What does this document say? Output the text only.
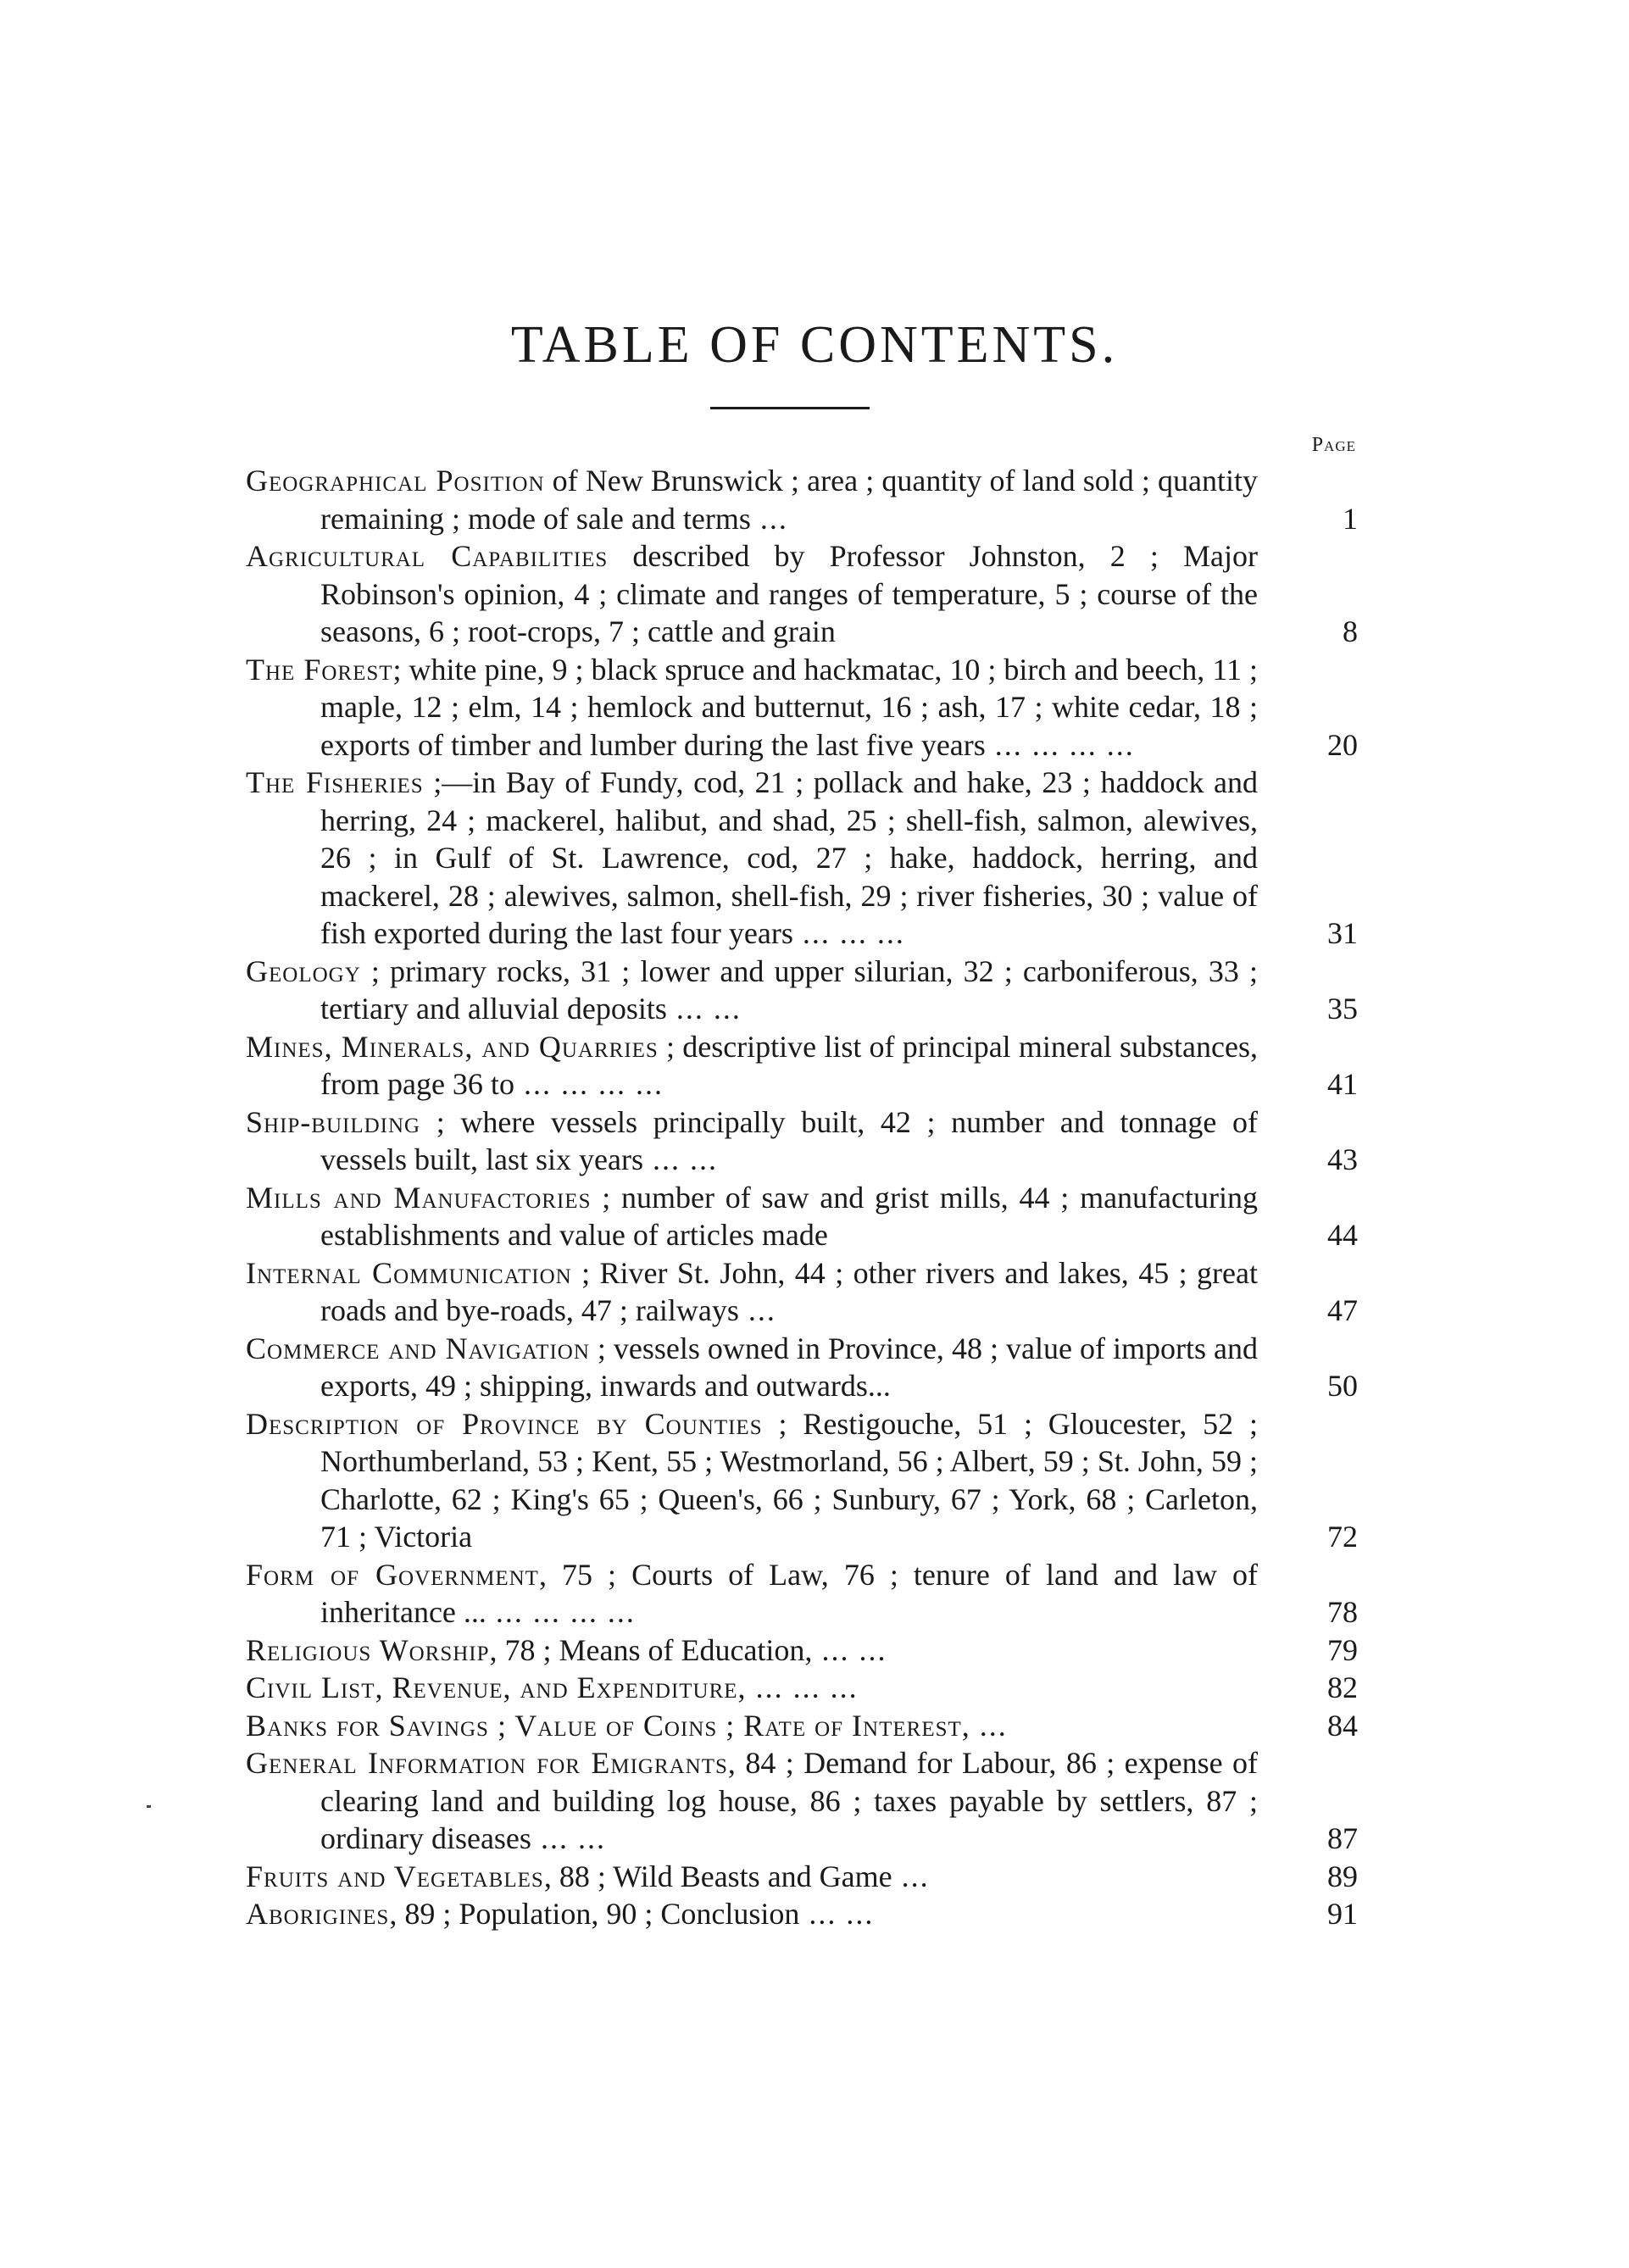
TABLE OF CONTENTS.
Page
Geographical Position of New Brunswick ; area ; quantity of land sold ; quantity remaining ; mode of sale and terms ...	1
Agricultural Capabilities described by Professor Johnston, 2 ; Major Robinson's opinion, 4 ; climate and ranges of temperature, 5 ; course of the seasons, 6 ; root-crops, 7 ; cattle and grain	8
The Forest; white pine, 9 ; black spruce and hackmatac, 10 ; birch and beech, 11 ; maple, 12 ; elm, 14 ; hemlock and butternut, 16 ; ash, 17 ; white cedar, 18 ; exports of timber and lumber during the last five years ... ... ... ...	20
The Fisheries ;—in Bay of Fundy, cod, 21 ; pollack and hake, 23 ; haddock and herring, 24 ; mackerel, halibut, and shad, 25 ; shell-fish, salmon, alewives, 26 ; in Gulf of St. Lawrence, cod, 27 ; hake, haddock, herring, and mackerel, 28 ; alewives, salmon, shell-fish, 29 ; river fisheries, 30 ; value of fish exported during the last four years ... ... ...	31
Geology ; primary rocks, 31 ; lower and upper silurian, 32 ; carboniferous, 33 ; tertiary and alluvial deposits ... ...	35
Mines, Minerals, and Quarries ; descriptive list of principal mineral substances, from page 36 to ... ... ... ...	41
Ship-building ; where vessels principally built, 42 ; number and tonnage of vessels built, last six years ... ...	43
Mills and Manufactories ; number of saw and grist mills, 44 ; manufacturing establishments and value of articles made	44
Internal Communication ; River St. John, 44 ; other rivers and lakes, 45 ; great roads and bye-roads, 47 ; railways ...	47
Commerce and Navigation ; vessels owned in Province, 48 ; value of imports and exports, 49 ; shipping, inwards and outwards...	50
Description of Province by Counties ; Restigouche, 51 ; Gloucester, 52 ; Northumberland, 53 ; Kent, 55 ; Westmorland, 56 ; Albert, 59 ; St. John, 59 ; Charlotte, 62 ; King's 65 ; Queen's, 66 ; Sunbury, 67 ; York, 68 ; Carleton, 71 ; Victoria	72
Form of Government, 75 ; Courts of Law, 76 ; tenure of land and law of inheritance ... ... ... ... ...	78
Religious Worship, 78 ; Means of Education, ... ...	79
Civil List, Revenue, and Expenditure, ... ... ...	82
Banks for Savings ; Value of Coins ; Rate of Interest, ...	84
General Information for Emigrants, 84 ; Demand for Labour, 86 ; expense of clearing land and building log house, 86 ; taxes payable by settlers, 87 ; ordinary diseases ... ...	87
Fruits and Vegetables, 88 ; Wild Beasts and Game ...	89
Aborigines, 89 ; Population, 90 ; Conclusion ... ...	91
